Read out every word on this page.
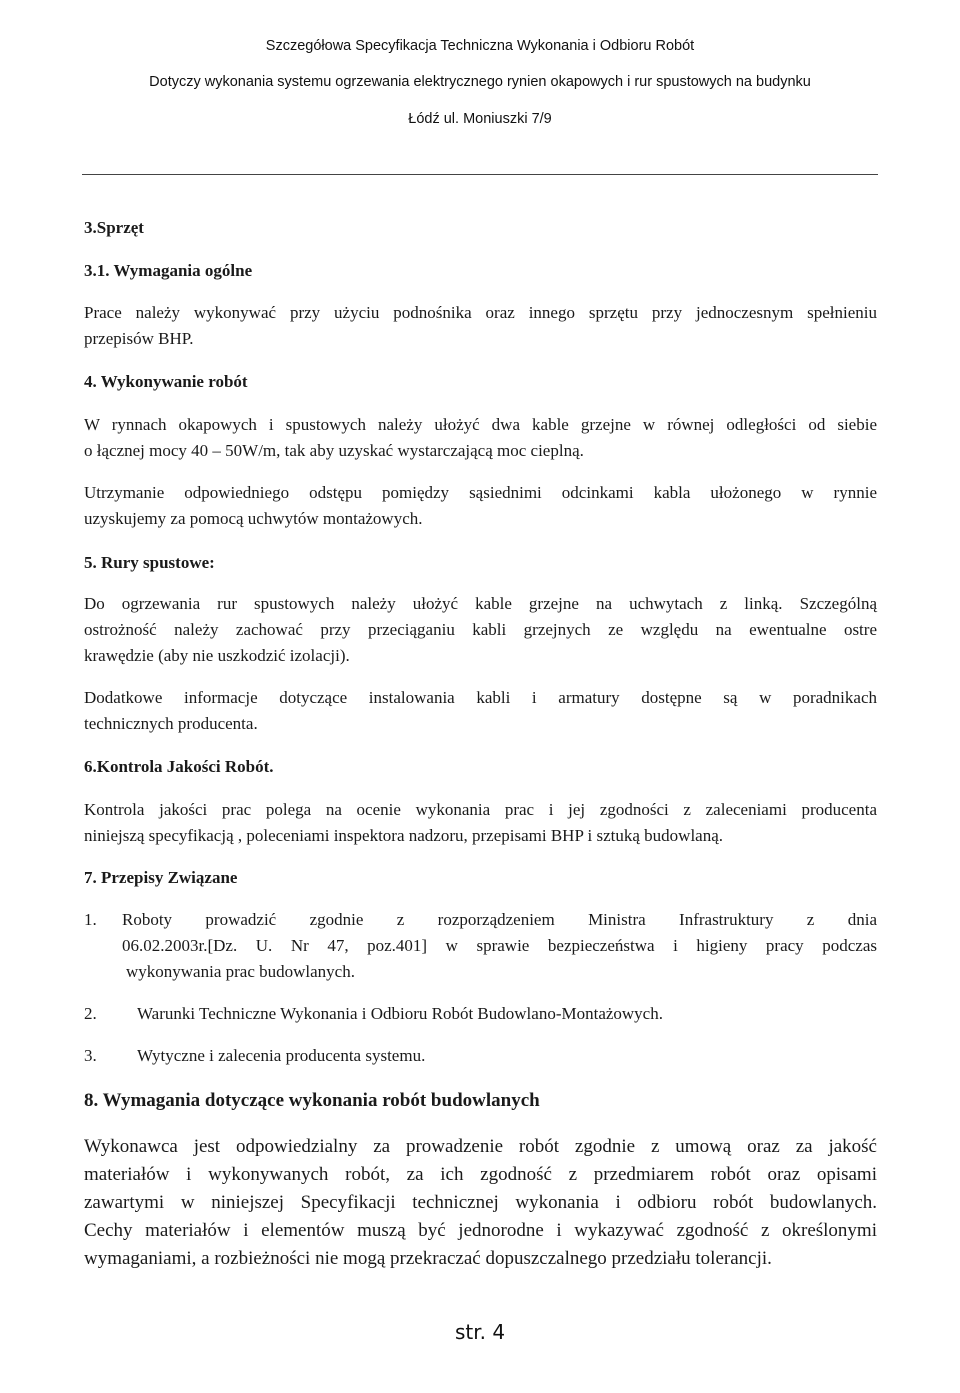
Szczegółowa Specyfikacja Techniczna Wykonania i Odbioru Robót
Dotyczy wykonania systemu ogrzewania elektrycznego rynien okapowych i rur spustowych na budynku
Łódź ul. Moniuszki 7/9

3.Sprzęt

3.1. Wymagania ogólne

Prace należy wykonywać przy użyciu podnośnika oraz innego sprzętu przy jednoczesnym spełnieniu

przepisów BHP.

4. Wykonywanie robót

W rynnach okapowych i spustowych należy ułożyć dwa kable grzejne w równej odległości od siebie

o łącznej mocy 40 – 50W/m, tak aby uzyskać wystarczającą moc cieplną.

Utrzymanie odpowiedniego odstępu pomiędzy sąsiednimi odcinkami kabla ułożonego w rynnie

uzyskujemy za pomocą uchwytów montażowych.

5. Rury spustowe:

Do ogrzewania rur spustowych należy ułożyć kable grzejne na uchwytach z linką. Szczególną

ostrożność należy zachować przy przeciąganiu kabli grzejnych ze względu na ewentualne ostre

krawędzie (aby nie uszkodzić izolacji).

Dodatkowe informacje dotyczące instalowania kabli i armatury dostępne są w poradnikach

technicznych producenta.

6.Kontrola Jakości Robót.

Kontrola jakości prac polega na ocenie wykonania prac i jej zgodności z zaleceniami producenta

niniejszą specyfikacją , poleceniami inspektora nadzoru, przepisami BHP i sztuką budowlaną.

7. Przepisy Związane

1.	Roboty prowadzić zgodnie z rozporządzeniem Ministra Infrastruktury z dnia

06.02.2003r.[Dz. U. Nr 47, poz.401] w sprawie bezpieczeństwa i higieny pracy podczas

wykonywania prac budowlanych.

2.	Warunki Techniczne Wykonania i Odbioru Robót Budowlano-Montażowych.

3.	Wytyczne i zalecenia producenta systemu.

8. Wymagania dotyczące wykonania robót budowlanych

Wykonawca jest odpowiedzialny za prowadzenie robót zgodnie z umową oraz za jakość

materiałów i wykonywanych robót, za ich zgodność z przedmiarem robót oraz opisami

zawartymi w niniejszej Specyfikacji technicznej wykonania i odbioru robót budowlanych.

Cechy materiałów i elementów muszą być jednorodne i wykazywać zgodność z określonymi

wymaganiami, a rozbieżności nie mogą przekraczać dopuszczalnego przedziału tolerancji.

str. 4
